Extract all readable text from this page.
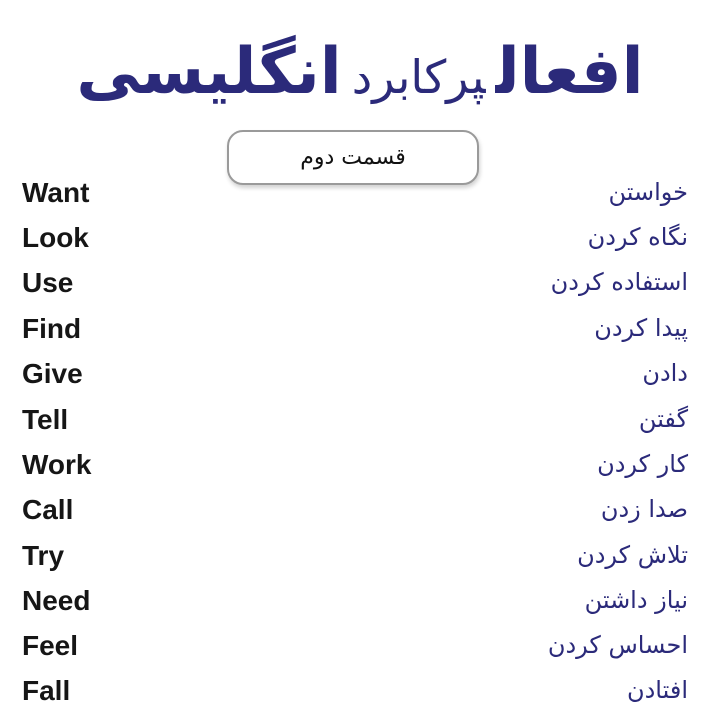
افعالپرکابردانگلیسی
قسمت دوم
Want	خواستن
Look	نگاه کردن
Use	استفاده کردن
Find	پیدا کردن
Give	دادن
Tell	گفتن
Work	کار کردن
Call	صدا زدن
Try	تلاش کردن
Need	نیاز داشتن
Feel	احساس کردن
Fall	افتادن
